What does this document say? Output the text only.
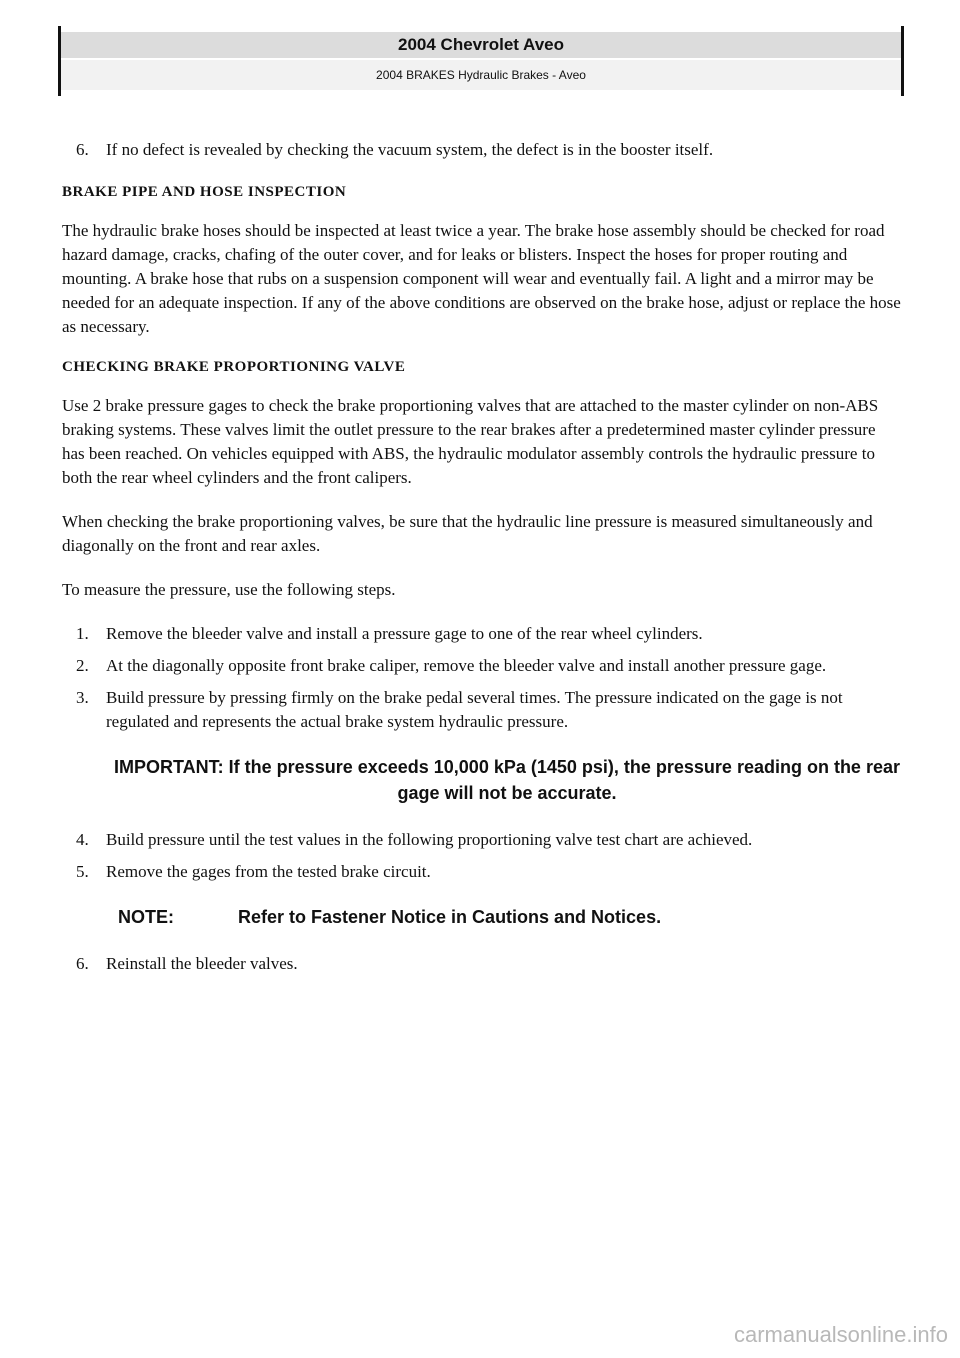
2004 Chevrolet Aveo
2004 BRAKES Hydraulic Brakes - Aveo
6. If no defect is revealed by checking the vacuum system, the defect is in the booster itself.
BRAKE PIPE AND HOSE INSPECTION

The hydraulic brake hoses should be inspected at least twice a year. The brake hose assembly should be checked for road hazard damage, cracks, chafing of the outer cover, and for leaks or blisters. Inspect the hoses for proper routing and mounting. A brake hose that rubs on a suspension component will wear and eventually fail. A light and a mirror may be needed for an adequate inspection. If any of the above conditions are observed on the brake hose, adjust or replace the hose as necessary.

CHECKING BRAKE PROPORTIONING VALVE

Use 2 brake pressure gages to check the brake proportioning valves that are attached to the master cylinder on non-ABS braking systems. These valves limit the outlet pressure to the rear brakes after a predetermined master cylinder pressure has been reached. On vehicles equipped with ABS, the hydraulic modulator assembly controls the hydraulic pressure to both the rear wheel cylinders and the front calipers.

When checking the brake proportioning valves, be sure that the hydraulic line pressure is measured simultaneously and diagonally on the front and rear axles.

To measure the pressure, use the following steps.

1. Remove the bleeder valve and install a pressure gage to one of the rear wheel cylinders.
2. At the diagonally opposite front brake caliper, remove the bleeder valve and install another pressure gage.
3. Build pressure by pressing firmly on the brake pedal several times. The pressure indicated on the gage is not regulated and represents the actual brake system hydraulic pressure.
IMPORTANT: If the pressure exceeds 10,000 kPa (1450 psi), the pressure reading on the rear gage will not be accurate.
4. Build pressure until the test values in the following proportioning valve test chart are achieved.
5. Remove the gages from the tested brake circuit.
NOTE:	Refer to Fastener Notice in Cautions and Notices.
6. Reinstall the bleeder valves.
carmanualsonline.info
